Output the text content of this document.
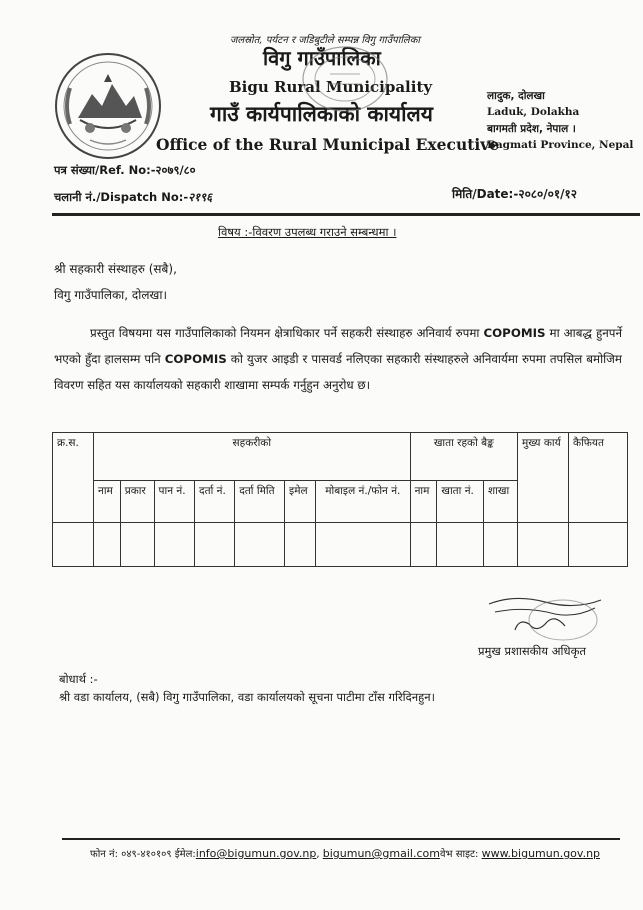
जलस्रोत, पर्यटन र जडिबुटीले सम्पन्न विगु गाउँपालिका
विगु गाउँपालिका
Bigu Rural Municipality
गाउँ कार्यपालिकाको कार्यालय
Office of the Rural Municipal Executive
लादुक, दोलखा
Laduk, Dolakha
बागमती प्रदेश, नेपाल ।
Bagmati Province, Nepal
पत्र संख्या/Ref. No:-२०७९/८०
चलानी नं./Dispatch No:-२१९६	मिति/Date:-२०८०/०१/१२
विषय :-विवरण उपलब्ध गराउने सम्बन्धमा ।
श्री सहकारी संस्थाहरु (सबै),
विगु गाउँपालिका, दोलखा।
प्रस्तुत विषयमा यस गाउँपालिकाको नियमन क्षेत्राधिकार पर्ने सहकरी संस्थाहरु अनिवार्य रुपमा COPOMIS मा आबद्ध हुनपर्ने भएको हुँदा हालसम्म पनि COPOMIS को युजर आइडी र पासवर्ड नलिएका सहकारी संस्थाहरुले अनिवार्यमा रुपमा तपसिल बमोजिम विवरण सहित यस कार्यालयको सहकारी शाखामा सम्पर्क गर्नुहुन अनुरोध छ।
क्र.स.	सहकरीको							खाता रहको बैङ्क			मुख्य कार्य	कैफियत
	नाम	प्रकार	पान नं.	दर्ता नं.	दर्ता मिति	इमेल	मोबाइल नं./फोन नं.	नाम	खाता नं.	शाखा		

प्रमुख प्रशासकीय अधिकृत
बोधार्थ :-
श्री वडा कार्यालय, (सबै) विगु गाउँपालिका, वडा कार्यालयको सूचना पाटीमा टाँस गरिदिनहुन।
फोन नं: ०४९-४१०१०९ ईमेल:info@bigumun.gov.np, bigumun@gmail.comवेभ साइट: www.bigumun.gov.np
